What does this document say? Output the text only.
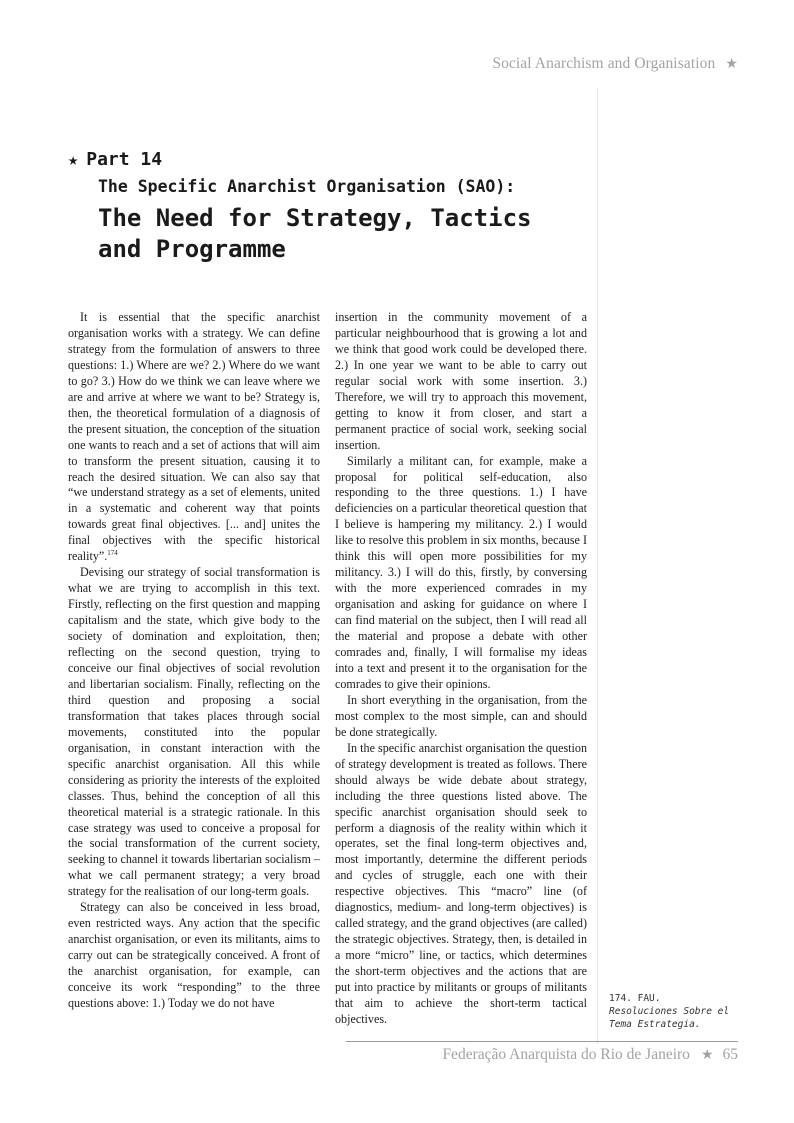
Social Anarchism and Organisation ★
★ Part 14
The Specific Anarchist Organisation (SAO):
The Need for Strategy, Tactics
and Programme

It is essential that the specific anarchist organisation works with a strategy. We can define strategy from the formulation of answers to three questions: 1.) Where are we? 2.) Where do we want to go? 3.) How do we think we can leave where we are and arrive at where we want to be? Strategy is, then, the theoretical formulation of a diagnosis of the present situation, the conception of the situation one wants to reach and a set of actions that will aim to transform the present situation, causing it to reach the desired situation. We can also say that “we understand strategy as a set of elements, united in a systematic and coherent way that points towards great final objectives. [... and] unites the final objectives with the specific historical reality”.$^{174}$

Devising our strategy of social transformation is what we are trying to accomplish in this text. Firstly, reflecting on the first question and mapping capitalism and the state, which give body to the society of domination and exploitation, then; reflecting on the second question, trying to conceive our final objectives of social revolution and libertarian socialism. Finally, reflecting on the third question and proposing a social transformation that takes places through social movements, constituted into the popular organisation, in constant interaction with the specific anarchist organisation. All this while considering as priority the interests of the exploited classes. Thus, behind the conception of all this theoretical material is a strategic rationale. In this case strategy was used to conceive a proposal for the social transformation of the current society, seeking to channel it towards libertarian socialism – what we call permanent strategy; a very broad strategy for the realisation of our long-term goals.

Strategy can also be conceived in less broad, even restricted ways. Any action that the specific anarchist organisation, or even its militants, aims to carry out can be strategically conceived. A front of the anarchist organisation, for example, can conceive its work “responding” to the three questions above: 1.) Today we do not have

insertion in the community movement of a particular neighbourhood that is growing a lot and we think that good work could be developed there. 2.) In one year we want to be able to carry out regular social work with some insertion. 3.) Therefore, we will try to approach this movement, getting to know it from closer, and start a permanent practice of social work, seeking social insertion.

Similarly a militant can, for example, make a proposal for political self-education, also responding to the three questions. 1.) I have deficiencies on a particular theoretical question that I believe is hampering my militancy. 2.) I would like to resolve this problem in six months, because I think this will open more possibilities for my militancy. 3.) I will do this, firstly, by conversing with the more experienced comrades in my organisation and asking for guidance on where I can find material on the subject, then I will read all the material and propose a debate with other comrades and, finally, I will formalise my ideas into a text and present it to the organisation for the comrades to give their opinions.

In short everything in the organisation, from the most complex to the most simple, can and should be done strategically.

In the specific anarchist organisation the question of strategy development is treated as follows. There should always be wide debate about strategy, including the three questions listed above. The specific anarchist organisation should seek to perform a diagnosis of the reality within which it operates, set the final long-term objectives and, most importantly, determine the different periods and cycles of struggle, each one with their respective objectives. This “macro” line (of diagnostics, medium- and long-term objectives) is called strategy, and the grand objectives (are called) the strategic objectives. Strategy, then, is detailed in a more “micro” line, or tactics, which determines the short-term objectives and the actions that are put into practice by militants or groups of militants that aim to achieve the short-term tactical objectives.

174. FAU.
Resoluciones Sobre el
Tema Estrategia.
Federação Anarquista do Rio de Janeiro ★ 65
